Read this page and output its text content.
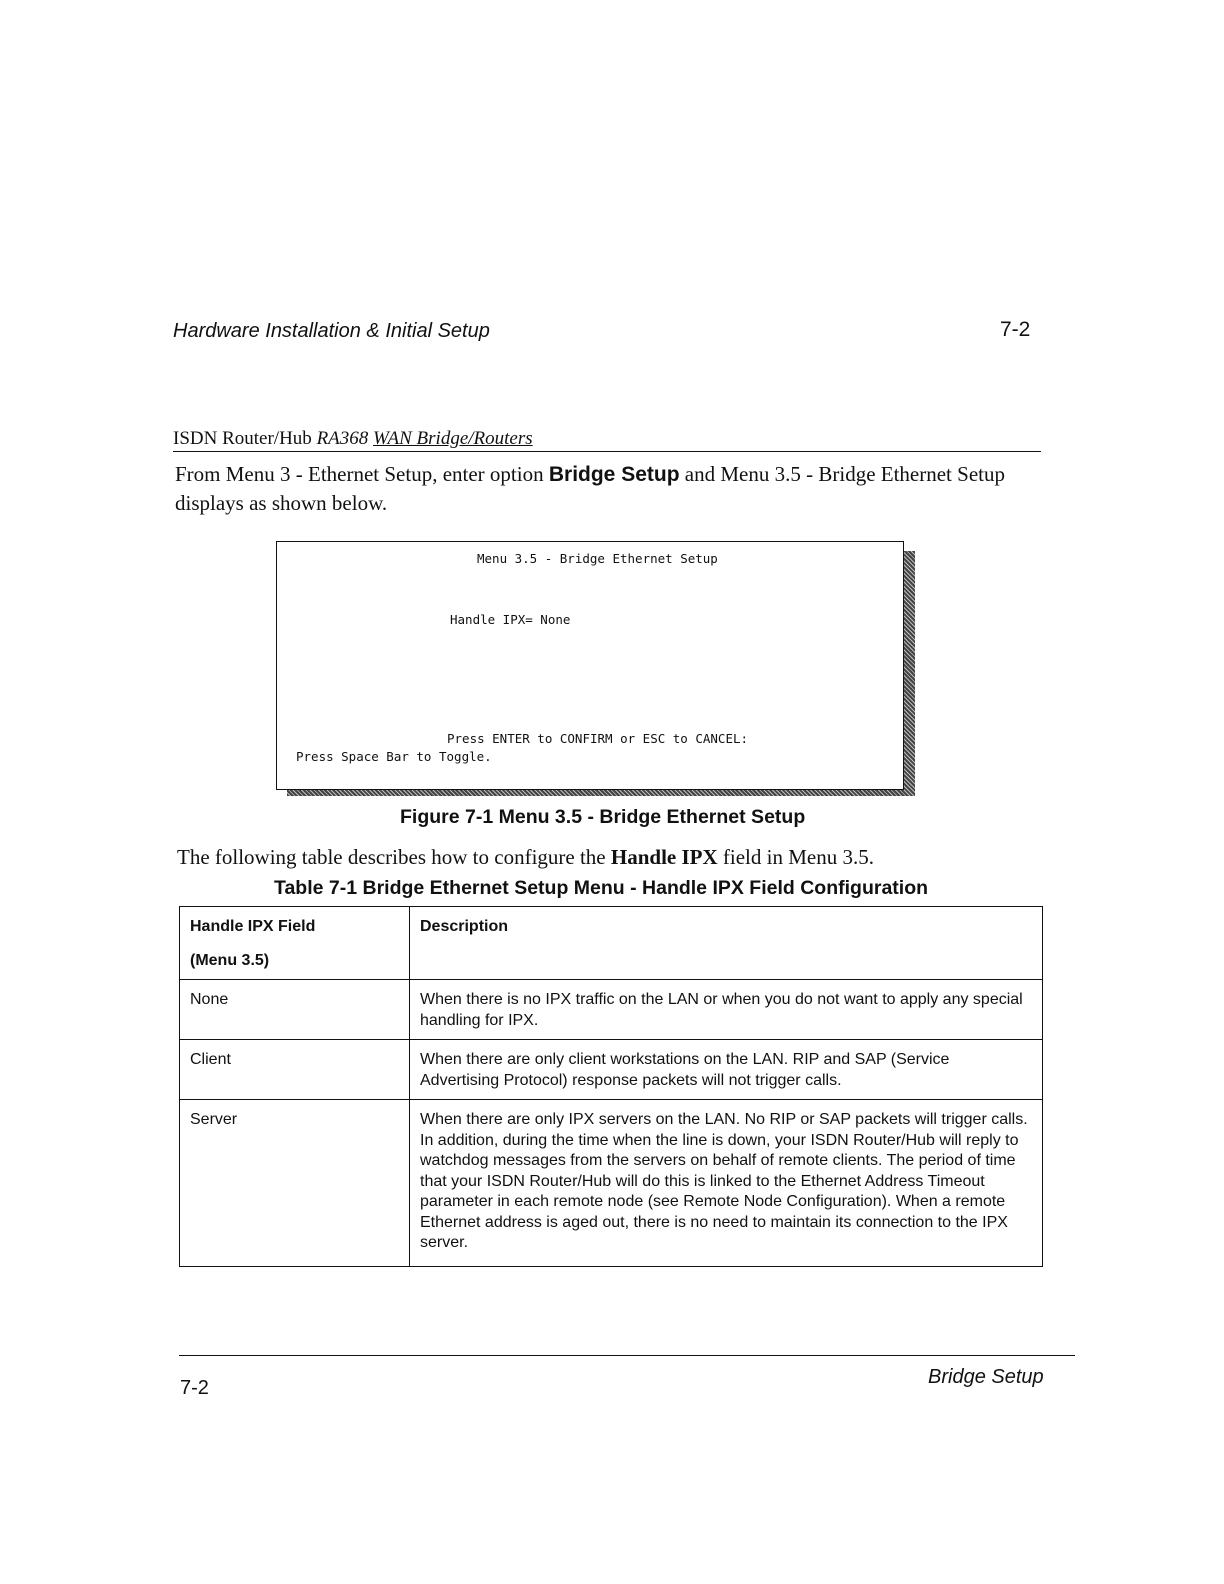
Hardware Installation & Initial Setup	7-2
ISDN Router/Hub RA368 WAN Bridge/Routers
From Menu 3 - Ethernet Setup, enter option Bridge Setup and Menu 3.5 - Bridge Ethernet Setup displays as shown below.
Menu 3.5 - Bridge Ethernet Setup
Handle IPX= None
Press ENTER to CONFIRM or ESC to CANCEL:
Press Space Bar to Toggle.
Figure 7-1 Menu 3.5 - Bridge Ethernet Setup
The following table describes how to configure the Handle IPX field in Menu 3.5.
Table 7-1 Bridge Ethernet Setup Menu - Handle IPX Field Configuration
Handle IPX Field
(Menu 3.5)	Description
None	When there is no IPX traffic on the LAN or when you do not want to apply any special handling for IPX.
Client	When there are only client workstations on the LAN. RIP and SAP (Service Advertising Protocol) response packets will not trigger calls.
Server	When there are only IPX servers on the LAN. No RIP or SAP packets will trigger calls. In addition, during the time when the line is down, your ISDN Router/Hub will reply to watchdog messages from the servers on behalf of remote clients. The period of time that your ISDN Router/Hub will do this is linked to the Ethernet Address Timeout parameter in each remote node (see Remote Node Configuration). When a remote Ethernet address is aged out, there is no need to maintain its connection to the IPX server.
7-2	Bridge Setup
